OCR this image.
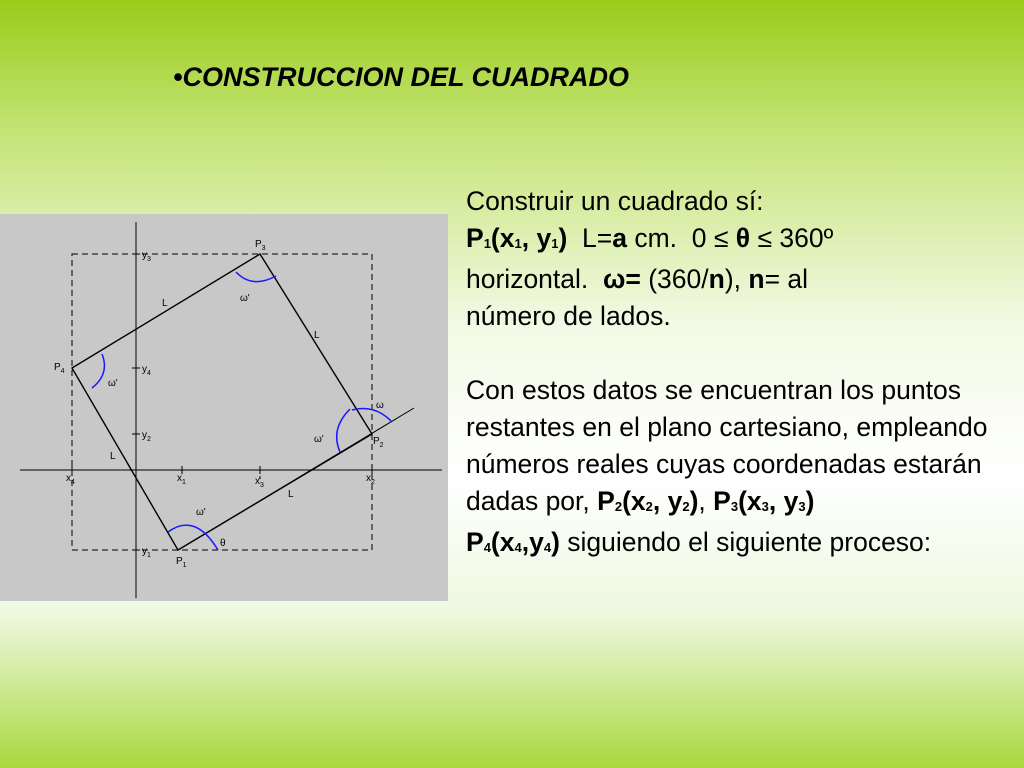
•CONSTRUCCION DEL CUADRADO
$P_1$
$P_2$
$P_3$
$P_4$
$x_1$	$x_2$
$x_3$
$x_4$
$y_1$
$y_2$
$y_3$
$y_4$
L
L
L
L
ω'
ω'
ω'
ω'
ω
θ

Construir un cuadrado sí:

$P_1(x_1$, $y_1$)  L=a cm.  0 ≤ θ ≤ 360º

horizontal.  ω= (360/n), n= al

número de lados.

Con estos datos se encuentran los puntos restantes en el plano cartesiano, empleando números reales cuyas coordenadas estarán dadas por, $P_2(x_2$, $y_2$), $P_3(x_3$, $y_3$)
$P_4(x_4,y_4)$ siguiendo el siguiente proceso:
